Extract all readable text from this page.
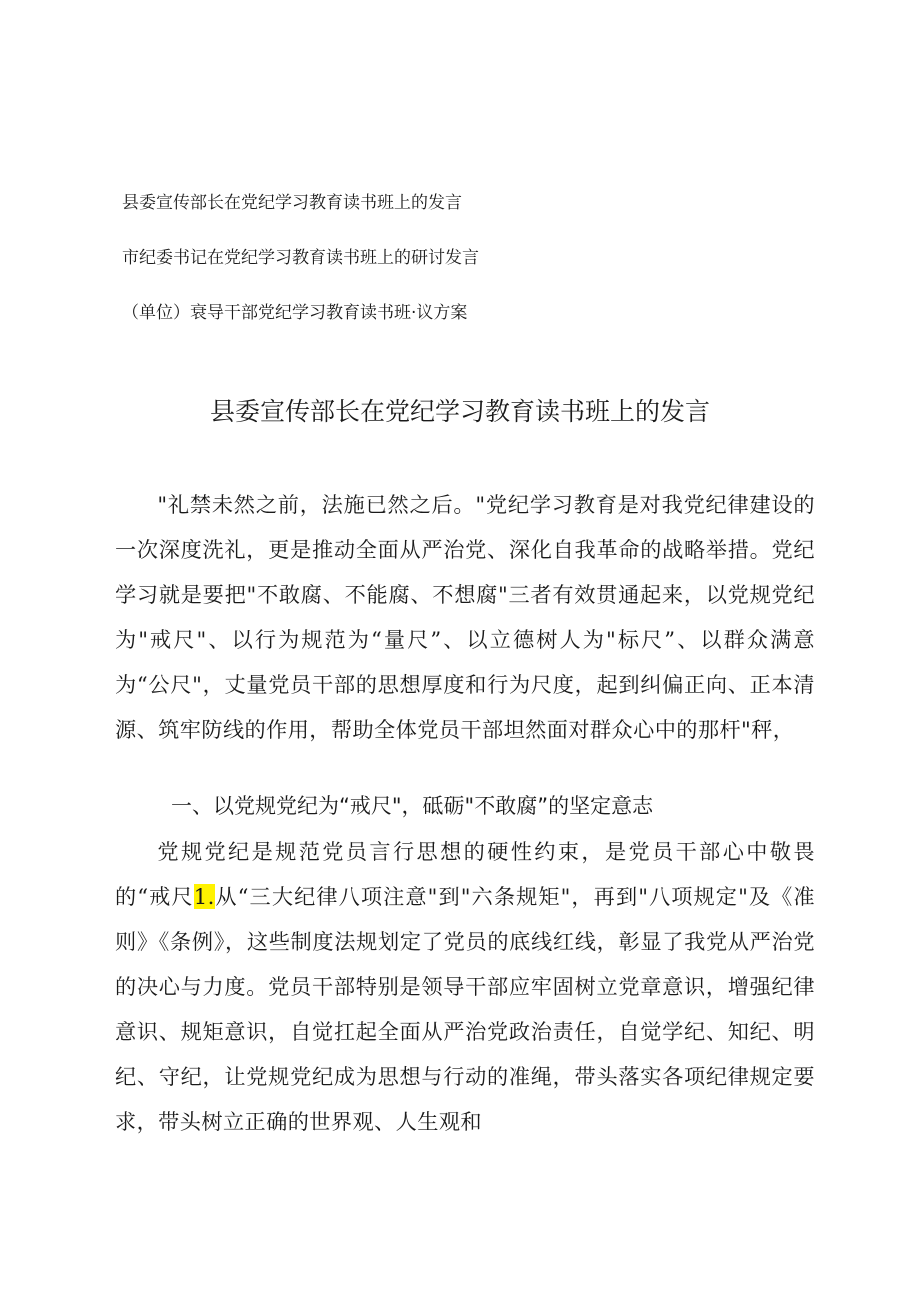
县委宣传部长在党纪学习教育读书班上的发言
市纪委书记在党纪学习教育读书班上的研讨发言
（单位）衰导干部党纪学习教育读书班·议方案
县委宣传部长在党纪学习教育读书班上的发言

"礼禁未然之前，法施已然之后。"党纪学习教育是对我党纪律建设的一次深度洗礼，更是推动全面从严治党、深化自我革命的战略举措。党纪学习就是要把"不敢腐、不能腐、不想腐"三者有效贯通起来，以党规党纪为"戒尺"、以行为规范为“量尺”、以立德树人为"标尺”、以群众满意为“公尺"，丈量党员干部的思想厚度和行为尺度，起到纠偏正向、正本清源、筑牢防线的作用，帮助全体党员干部坦然面对群众心中的那杆"秤，

一、以党规党纪为“戒尺"，砥砺"不敢腐”的坚定意志

党规党纪是规范党员言行思想的硬性约束，是党员干部心中敬畏的“戒尺1.从“三大纪律八项注意"到"六条规矩"，再到"八项规定"及《准则》《条例》，这些制度法规划定了党员的底线红线，彰显了我党从严治党的决心与力度。党员干部特别是领导干部应牢固树立党章意识，增强纪律意识、规矩意识，自觉扛起全面从严治党政治责任，自觉学纪、知纪、明纪、守纪，让党规党纪成为思想与行动的准绳，带头落实各项纪律规定要求，带头树立正确的世界观、人生观和
